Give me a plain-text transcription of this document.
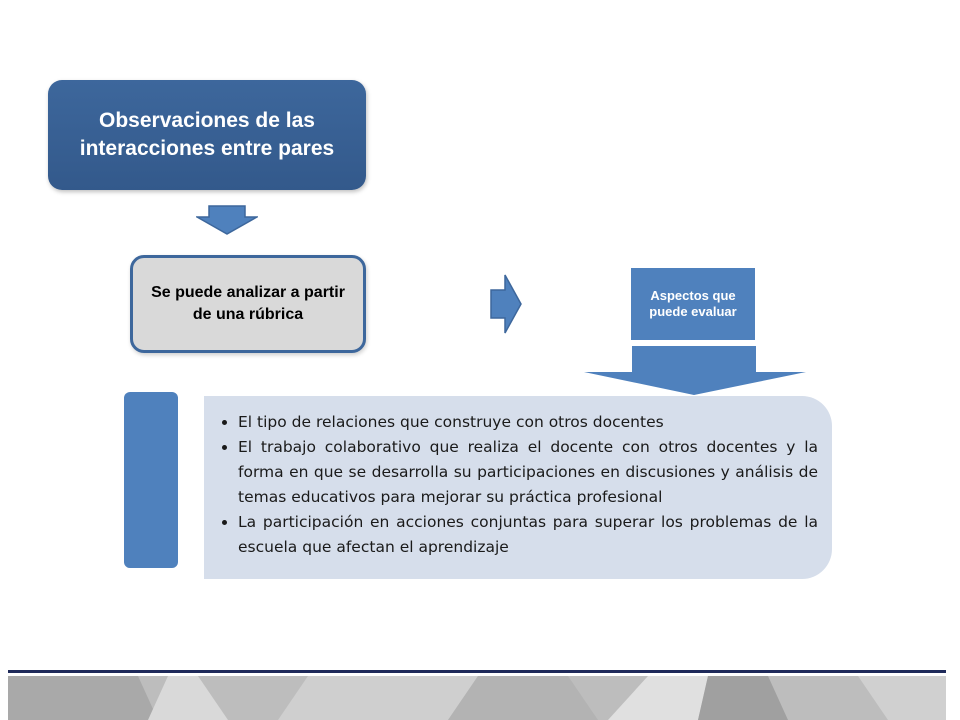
Observaciones de las interacciones entre pares
Se puede analizar a partir de una rúbrica
Aspectos que puede evaluar
• El tipo de relaciones que construye con otros docentes
• El trabajo colaborativo que realiza el docente con otros docentes y la forma en que se desarrolla su participaciones en discusiones y análisis de temas educativos para mejorar su práctica profesional
• La participación en acciones conjuntas para superar los problemas de la escuela que afectan el aprendizaje
